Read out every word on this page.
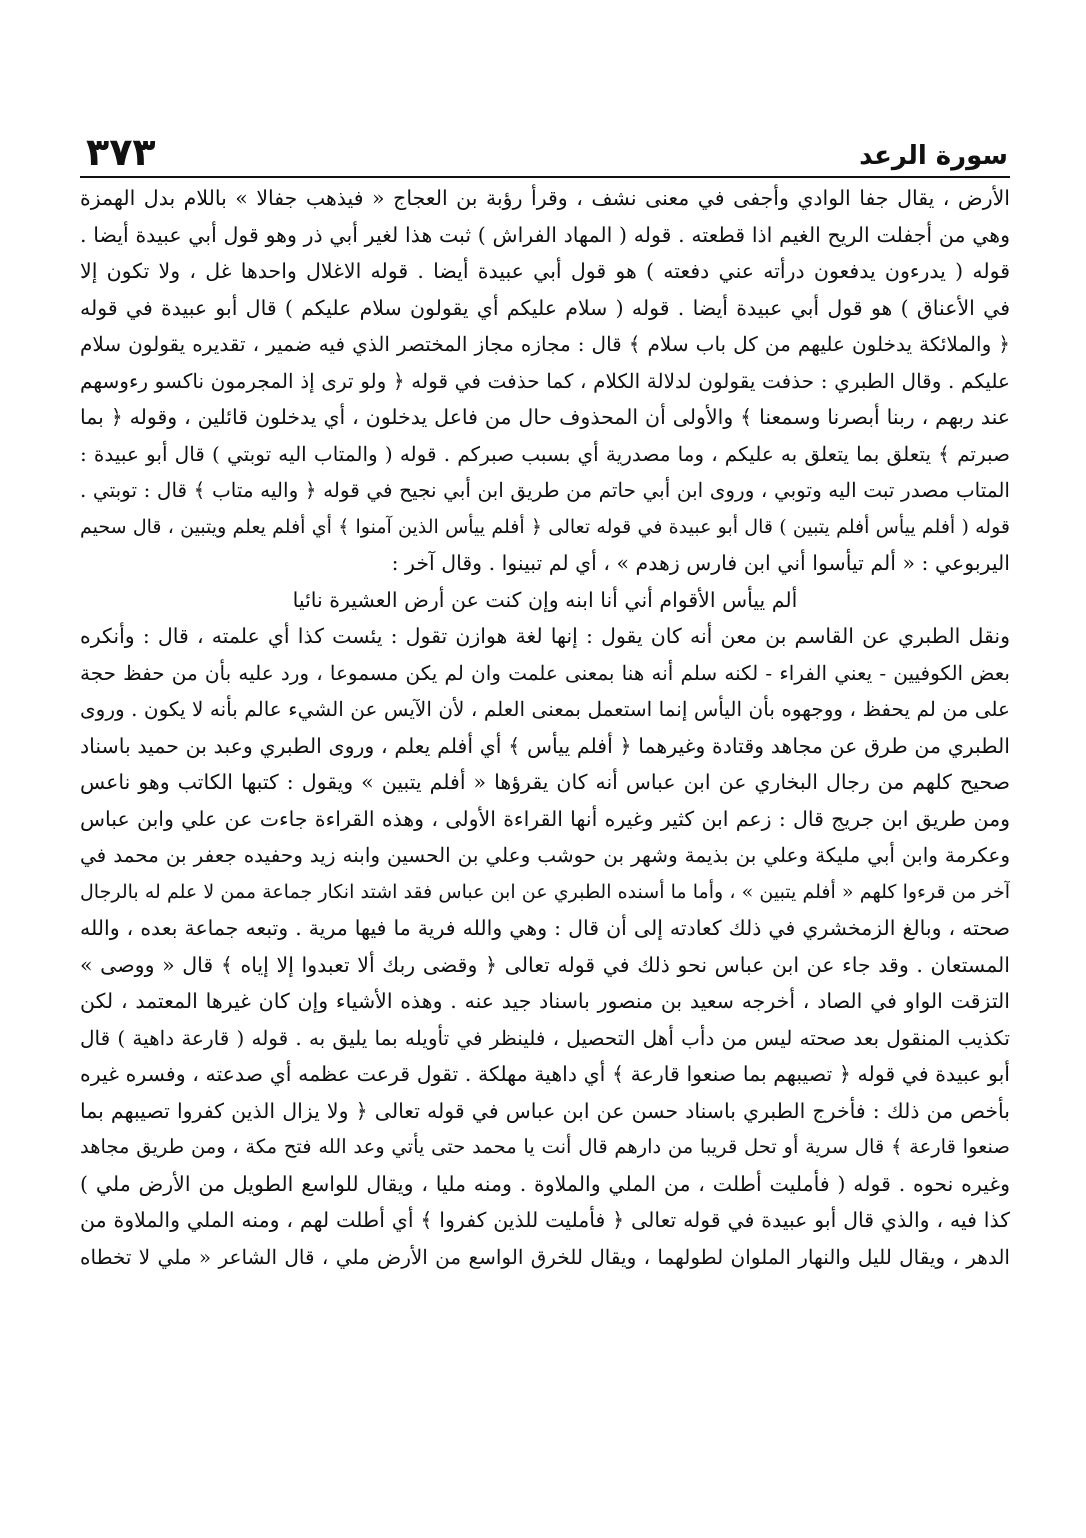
سورة الرعد
٣٧٣
الأرض ، يقال جفا الوادي وأجفى في معنى نشف ، وقرأ رؤبة بن العجاج « فيذهب جفالا » باللام بدل الهمزة
وهي من أجفلت الريح الغيم اذا قطعته . قوله ( المهاد الفراش ) ثبت هذا لغير أبي ذر وهو قول أبي عبيدة أيضا .
قوله ( يدرءون يدفعون درأته عني دفعته ) هو قول أبي عبيدة أيضا . قوله الاغلال واحدها غل ، ولا تكون إلا
في الأعناق ) هو قول أبي عبيدة أيضا . قوله ( سلام عليكم أي يقولون سلام عليكم ) قال أبو عبيدة في قوله
﴿ والملائكة يدخلون عليهم من كل باب سلام ﴾ قال : مجازه مجاز المختصر الذي فيه ضمير ، تقديره يقولون سلام
عليكم . وقال الطبري : حذفت يقولون لدلالة الكلام ، كما حذفت في قوله ﴿ ولو ترى إذ المجرمون ناكسو رءوسهم
عند ربهم ، ربنا أبصرنا وسمعنا ﴾ والأولى أن المحذوف حال من فاعل يدخلون ، أي يدخلون قائلين ، وقوله ﴿ بما
صبرتم ﴾ يتعلق بما يتعلق به عليكم ، وما مصدرية أي بسبب صبركم . قوله ( والمتاب اليه توبتي ) قال أبو عبيدة :
المتاب مصدر تبت اليه وتوبي ، وروى ابن أبي حاتم من طريق ابن أبي نجيح في قوله ﴿ واليه متاب ﴾ قال : توبتي .
قوله ( أفلم ييأس أفلم يتبين ) قال أبو عبيدة في قوله تعالى ﴿ أفلم ييأس الذين آمنوا ﴾ أي أفلم يعلم ويتبين ، قال سحيم
اليربوعي : « ألم تيأسوا أني ابن فارس زهدم » ، أي لم تبينوا . وقال آخر :
ألم ييأس الأقوام أني أنا ابنه وإن كنت عن أرض العشيرة نائيا
ونقل الطبري عن القاسم بن معن أنه كان يقول : إنها لغة هوازن تقول : يئست كذا أي علمته ، قال : وأنكره
بعض الكوفيين - يعني الفراء - لكنه سلم أنه هنا بمعنى علمت وان لم يكن مسموعا ، ورد عليه بأن من حفظ حجة
على من لم يحفظ ، ووجهوه بأن اليأس إنما استعمل بمعنى العلم ، لأن الآيس عن الشيء عالم بأنه لا يكون . وروى
الطبري من طرق عن مجاهد وقتادة وغيرهما ﴿ أفلم ييأس ﴾ أي أفلم يعلم ، وروى الطبري وعبد بن حميد باسناد
صحيح كلهم من رجال البخاري عن ابن عباس أنه كان يقرؤها « أفلم يتبين » ويقول : كتبها الكاتب وهو ناعس
ومن طريق ابن جريج قال : زعم ابن كثير وغيره أنها القراءة الأولى ، وهذه القراءة جاءت عن علي وابن عباس
وعكرمة وابن أبي مليكة وعلي بن بذيمة وشهر بن حوشب وعلي بن الحسين وابنه زيد وحفيده جعفر بن محمد في
آخر من قرءوا كلهم « أفلم يتبين » ، وأما ما أسنده الطبري عن ابن عباس فقد اشتد انكار جماعة ممن لا علم له بالرجال
صحته ، وبالغ الزمخشري في ذلك كعادته إلى أن قال : وهي والله فرية ما فيها مرية . وتبعه جماعة بعده ، والله
المستعان . وقد جاء عن ابن عباس نحو ذلك في قوله تعالى ﴿ وقضى ربك ألا تعبدوا إلا إياه ﴾ قال « ووصى »
التزقت الواو في الصاد ، أخرجه سعيد بن منصور باسناد جيد عنه . وهذه الأشياء وإن كان غيرها المعتمد ، لكن
تكذيب المنقول بعد صحته ليس من دأب أهل التحصيل ، فلينظر في تأويله بما يليق به . قوله ( قارعة داهية ) قال
أبو عبيدة في قوله ﴿ تصيبهم بما صنعوا قارعة ﴾ أي داهية مهلكة . تقول قرعت عظمه أي صدعته ، وفسره غيره
بأخص من ذلك : فأخرج الطبري باسناد حسن عن ابن عباس في قوله تعالى ﴿ ولا يزال الذين كفروا تصيبهم بما
صنعوا قارعة ﴾ قال سرية أو تحل قريبا من دارهم قال أنت يا محمد حتى يأتي وعد الله فتح مكة ، ومن طريق مجاهد
وغيره نحوه . قوله ( فأمليت أطلت ، من الملي والملاوة . ومنه مليا ، ويقال للواسع الطويل من الأرض ملي )
كذا فيه ، والذي قال أبو عبيدة في قوله تعالى ﴿ فأمليت للذين كفروا ﴾ أي أطلت لهم ، ومنه الملي والملاوة من
الدهر ، ويقال لليل والنهار الملوان لطولهما ، ويقال للخرق الواسع من الأرض ملي ، قال الشاعر « ملي لا تخطاه
